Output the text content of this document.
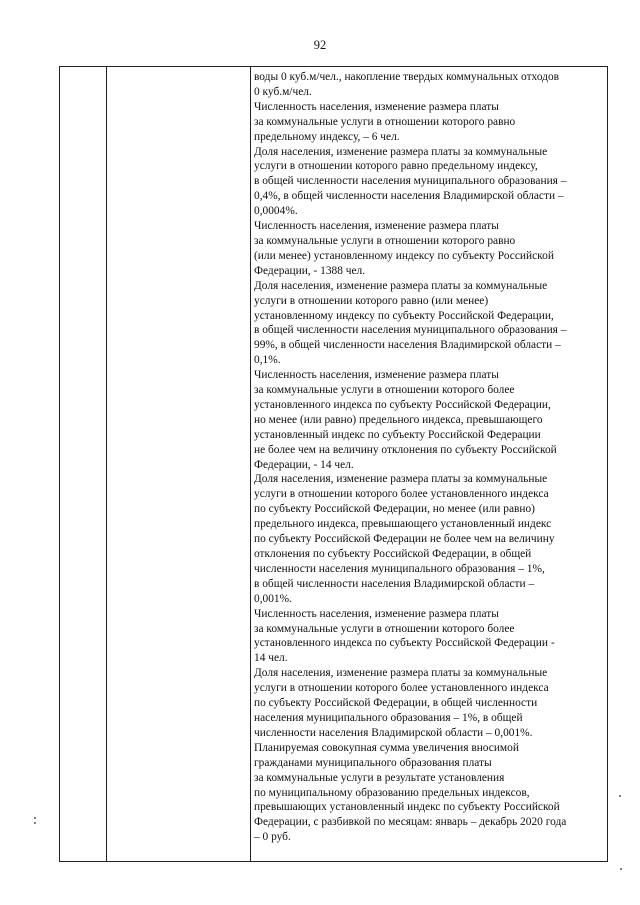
92

воды 0 куб.м/чел., накопление твердых коммунальных отходов
0 куб.м/чел.

Численность населения, изменение размера платы
за коммунальные услуги в отношении которого равно
предельному индексу, – 6 чел.

Доля населения, изменение размера платы за коммунальные
услуги в отношении которого равно предельному индексу,
в общей численности населения муниципального образования –
0,4%, в общей численности населения Владимирской области –
0,0004%.

Численность населения, изменение размера платы
за коммунальные услуги в отношении которого равно
(или менее) установленному индексу по субъекту Российской
Федерации, - 1388 чел.

Доля населения, изменение размера платы за коммунальные
услуги в отношении которого равно (или менее)
установленному индексу по субъекту Российской Федерации,
в общей численности населения муниципального образования –
99%, в общей численности населения Владимирской области –
0,1%.

Численность населения, изменение размера платы
за коммунальные услуги в отношении которого более
установленного индекса по субъекту Российской Федерации,
но менее (или равно) предельного индекса, превышающего
установленный индекс по субъекту Российской Федерации
не более чем на величину отклонения по субъекту Российской
Федерации, - 14 чел.

Доля населения, изменение размера платы за коммунальные
услуги в отношении которого более установленного индекса
по субъекту Российской Федерации, но менее (или равно)
предельного индекса, превышающего установленный индекс
по субъекту Российской Федерации не более чем на величину
отклонения по субъекту Российской Федерации, в общей
численности населения муниципального образования – 1%,
в общей численности населения Владимирской области –
0,001%.

Численность населения, изменение размера платы
за коммунальные услуги в отношении которого более
установленного индекса по субъекту Российской Федерации -
14 чел.

Доля населения, изменение размера платы за коммунальные
услуги в отношении которого более установленного индекса
по субъекту Российской Федерации, в общей численности
населения муниципального образования – 1%, в общей
численности населения Владимирской области – 0,001%.

Планируемая совокупная сумма увеличения вносимой
гражданами муниципального образования платы
за коммунальные услуги в результате установления
по муниципальному образованию предельных индексов,
превышающих установленный индекс по субъекту Российской
Федерации, с разбивкой по месяцам: январь – декабрь 2020 года
– 0 руб.
